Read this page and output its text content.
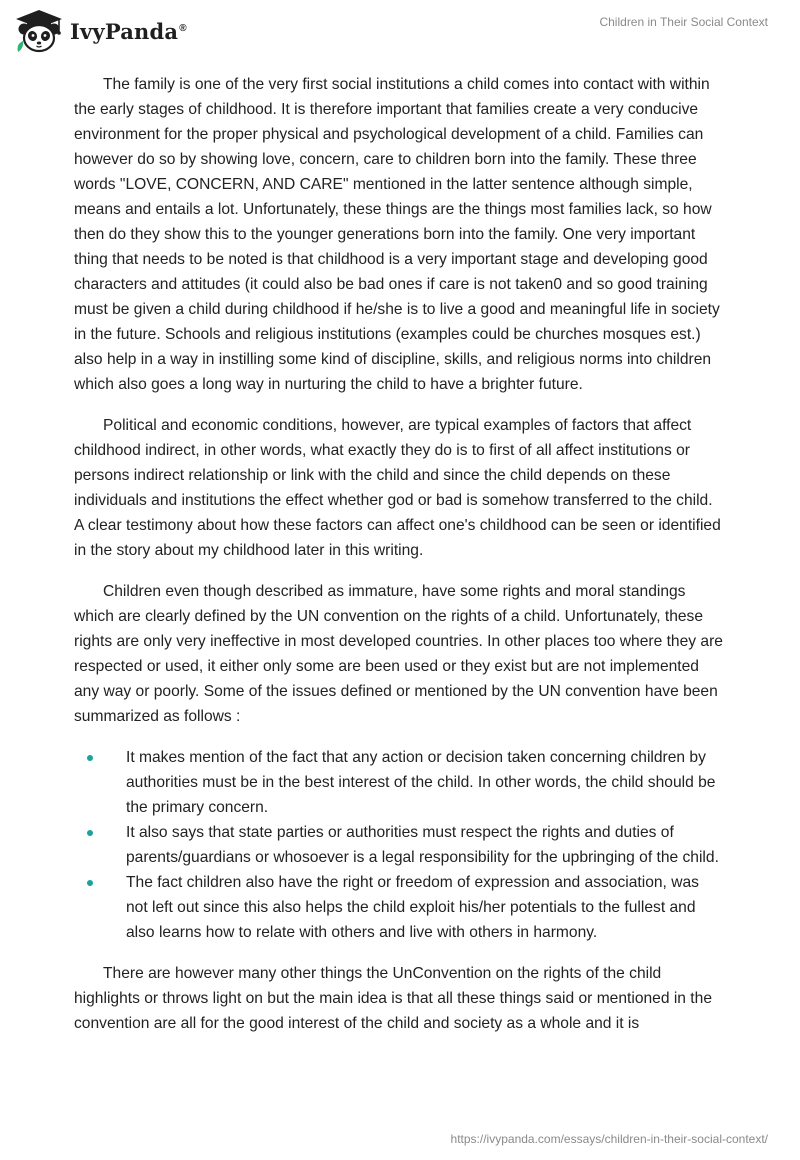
IvyPanda®	Children in Their Social Context

The family is one of the very first social institutions a child comes into contact with within the early stages of childhood. It is therefore important that families create a very conducive environment for the proper physical and psychological development of a child. Families can however do so by showing love, concern, care to children born into the family. These three words "LOVE, CONCERN, AND CARE" mentioned in the latter sentence although simple, means and entails a lot. Unfortunately, these things are the things most families lack, so how then do they show this to the younger generations born into the family. One very important thing that needs to be noted is that childhood is a very important stage and developing good characters and attitudes (it could also be bad ones if care is not taken0 and so good training must be given a child during childhood if he/she is to live a good and meaningful life in society in the future. Schools and religious institutions (examples could be churches mosques est.) also help in a way in instilling some kind of discipline, skills, and religious norms into children which also goes a long way in nurturing the child to have a brighter future.

Political and economic conditions, however, are typical examples of factors that affect childhood indirect, in other words, what exactly they do is to first of all affect institutions or persons indirect relationship or link with the child and since the child depends on these individuals and institutions the effect whether god or bad is somehow transferred to the child. A clear testimony about how these factors can affect one's childhood can be seen or identified in the story about my childhood later in this writing.

Children even though described as immature, have some rights and moral standings which are clearly defined by the UN convention on the rights of a child. Unfortunately, these rights are only very ineffective in most developed countries. In other places too where they are respected or used, it either only some are been used or they exist but are not implemented any way or poorly. Some of the issues defined or mentioned by the UN convention have been summarized as follows :

It makes mention of the fact that any action or decision taken concerning children by authorities must be in the best interest of the child. In other words, the child should be the primary concern.
It also says that state parties or authorities must respect the rights and duties of parents/guardians or whosoever is a legal responsibility for the upbringing of the child.
The fact children also have the right or freedom of expression and association, was not left out since this also helps the child exploit his/her potentials to the fullest and also learns how to relate with others and live with others in harmony.

There are however many other things the UnConvention on the rights of the child highlights or throws light on but the main idea is that all these things said or mentioned in the convention are all for the good interest of the child and society as a whole and it is

https://ivypanda.com/essays/children-in-their-social-context/
